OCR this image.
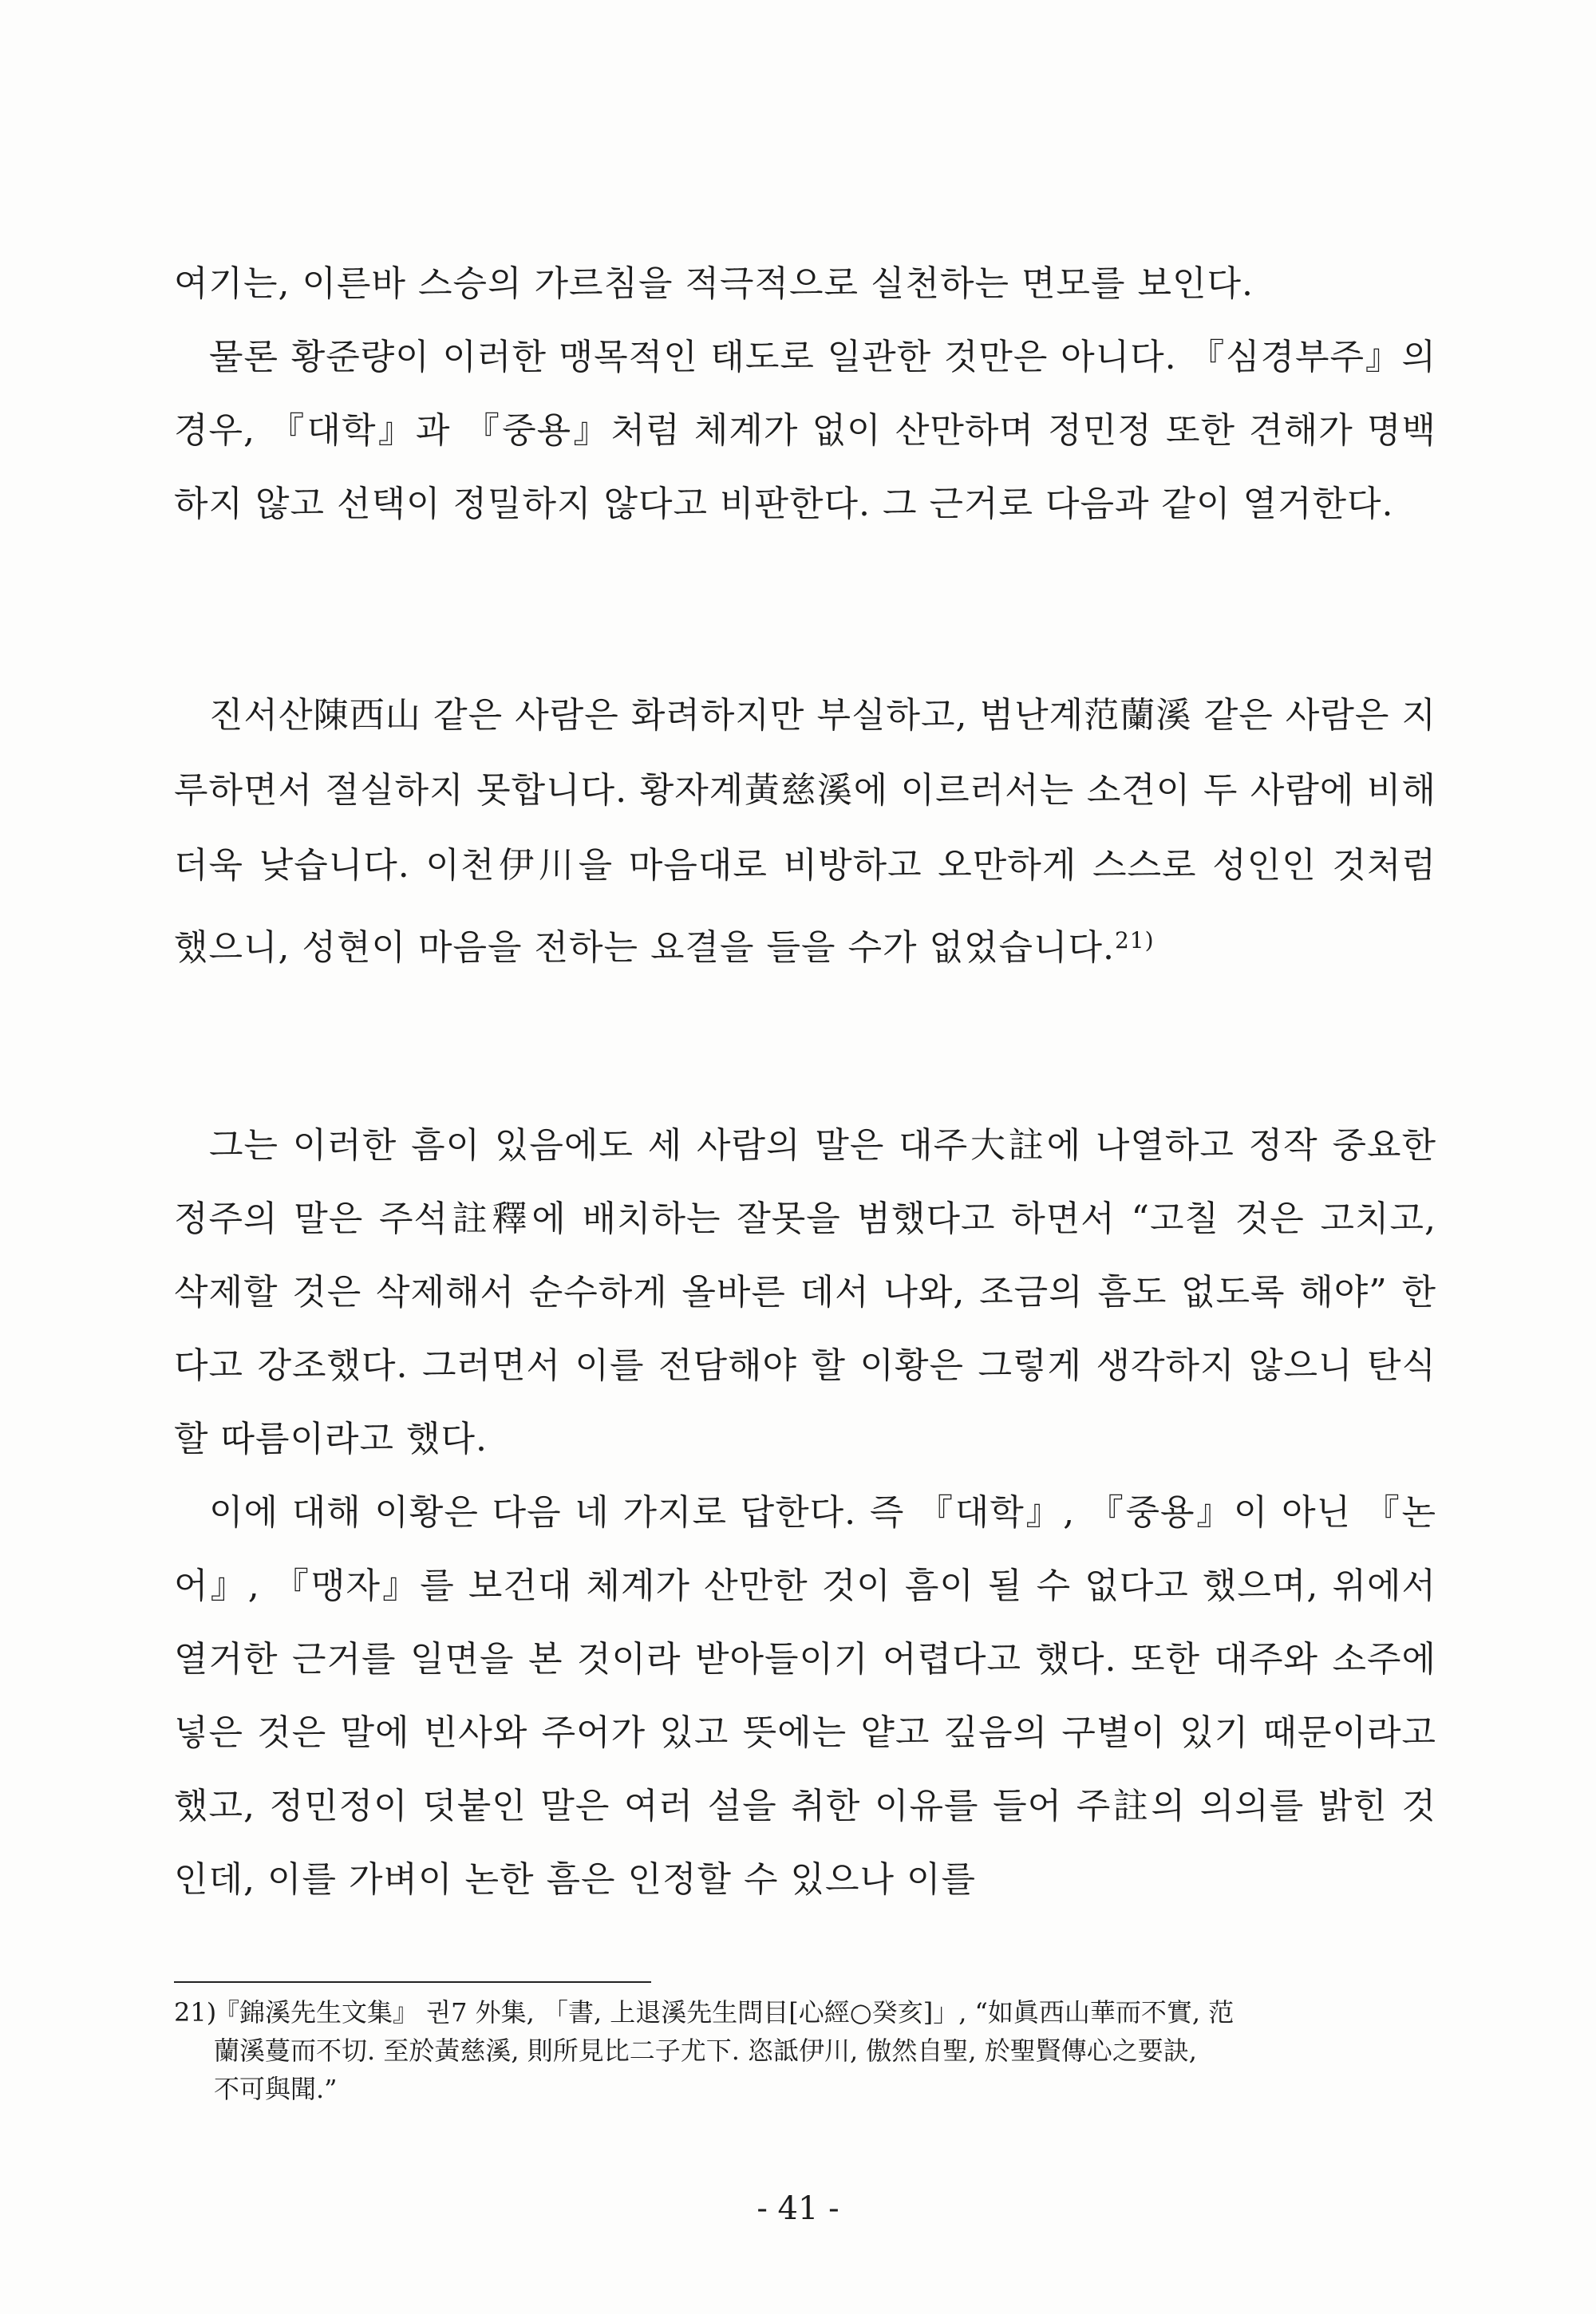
여기는, 이른바 스승의 가르침을 적극적으로 실천하는 면모를 보인다.

물론 황준량이 이러한 맹목적인 태도로 일관한 것만은 아니다. 『심경부주』의 경우, 『대학』과 『중용』처럼 체계가 없이 산만하며 정민정 또한 견해가 명백하지 않고 선택이 정밀하지 않다고 비판한다. 그 근거로 다음과 같이 열거한다.

진서산陳西山 같은 사람은 화려하지만 부실하고, 범난계范蘭溪 같은 사람은 지루하면서 절실하지 못합니다. 황자계黃慈溪에 이르러서는 소견이 두 사람에 비해 더욱 낮습니다. 이천伊川을 마음대로 비방하고 오만하게 스스로 성인인 것처럼 했으니, 성현이 마음을 전하는 요결을 들을 수가 없었습니다.$^{21)}$

그는 이러한 흠이 있음에도 세 사람의 말은 대주大註에 나열하고 정작 중요한 정주의 말은 주석註釋에 배치하는 잘못을 범했다고 하면서 “고칠 것은 고치고, 삭제할 것은 삭제해서 순수하게 올바른 데서 나와, 조금의 흠도 없도록 해야” 한다고 강조했다. 그러면서 이를 전담해야 할 이황은 그렇게 생각하지 않으니 탄식할 따름이라고 했다.

이에 대해 이황은 다음 네 가지로 답한다. 즉 『대학』, 『중용』이 아닌 『논어』, 『맹자』를 보건대 체계가 산만한 것이 흠이 될 수 없다고 했으며, 위에서 열거한 근거를 일면을 본 것이라 받아들이기 어렵다고 했다. 또한 대주와 소주에 넣은 것은 말에 빈사와 주어가 있고 뜻에는 얕고 깊음의 구별이 있기 때문이라고 했고, 정민정이 덧붙인 말은 여러 설을 취한 이유를 들어 주註의 의의를 밝힌 것인데, 이를 가벼이 논한 흠은 인정할 수 있으나 이를

21)『錦溪先生文集』 권7 外集, 「書, 上退溪先生問目[心經○癸亥]」, “如眞西山華而不實, 范
蘭溪蔓而不切. 至於黃慈溪, 則所見比二子尤下. 恣詆伊川, 傲然自聖, 於聖賢傳心之要訣,
不可與聞.”
- 41 -
